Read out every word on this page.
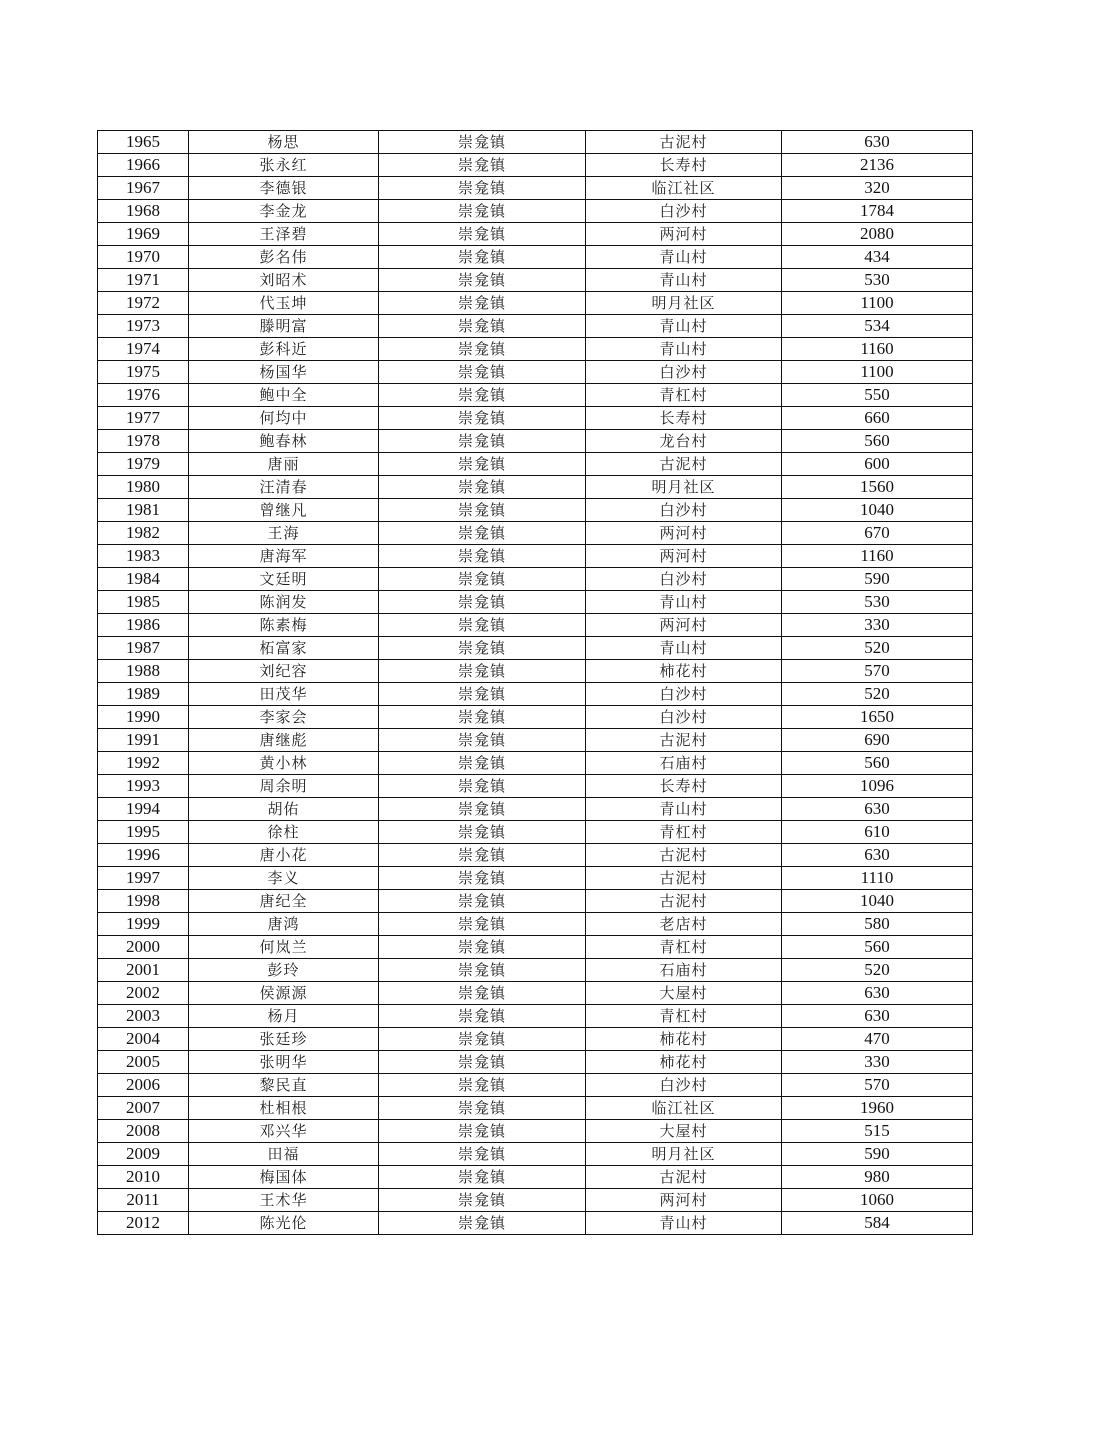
1965	杨思	崇龛镇	古泥村	630
1966	张永红	崇龛镇	长寿村	2136
1967	李德银	崇龛镇	临江社区	320
1968	李金龙	崇龛镇	白沙村	1784
1969	王泽碧	崇龛镇	两河村	2080
1970	彭名伟	崇龛镇	青山村	434
1971	刘昭术	崇龛镇	青山村	530
1972	代玉坤	崇龛镇	明月社区	1100
1973	滕明富	崇龛镇	青山村	534
1974	彭科近	崇龛镇	青山村	1160
1975	杨国华	崇龛镇	白沙村	1100
1976	鲍中全	崇龛镇	青杠村	550
1977	何均中	崇龛镇	长寿村	660
1978	鲍春林	崇龛镇	龙台村	560
1979	唐丽	崇龛镇	古泥村	600
1980	汪清春	崇龛镇	明月社区	1560
1981	曾继凡	崇龛镇	白沙村	1040
1982	王海	崇龛镇	两河村	670
1983	唐海军	崇龛镇	两河村	1160
1984	文廷明	崇龛镇	白沙村	590
1985	陈润发	崇龛镇	青山村	530
1986	陈素梅	崇龛镇	两河村	330
1987	柘富家	崇龛镇	青山村	520
1988	刘纪容	崇龛镇	柿花村	570
1989	田茂华	崇龛镇	白沙村	520
1990	李家会	崇龛镇	白沙村	1650
1991	唐继彪	崇龛镇	古泥村	690
1992	黄小林	崇龛镇	石庙村	560
1993	周余明	崇龛镇	长寿村	1096
1994	胡佑	崇龛镇	青山村	630
1995	徐柱	崇龛镇	青杠村	610
1996	唐小花	崇龛镇	古泥村	630
1997	李义	崇龛镇	古泥村	1110
1998	唐纪全	崇龛镇	古泥村	1040
1999	唐鸿	崇龛镇	老店村	580
2000	何岚兰	崇龛镇	青杠村	560
2001	彭玲	崇龛镇	石庙村	520
2002	侯源源	崇龛镇	大屋村	630
2003	杨月	崇龛镇	青杠村	630
2004	张廷珍	崇龛镇	柿花村	470
2005	张明华	崇龛镇	柿花村	330
2006	黎民直	崇龛镇	白沙村	570
2007	杜相根	崇龛镇	临江社区	1960
2008	邓兴华	崇龛镇	大屋村	515
2009	田福	崇龛镇	明月社区	590
2010	梅国体	崇龛镇	古泥村	980
2011	王术华	崇龛镇	两河村	1060
2012	陈光伦	崇龛镇	青山村	584
